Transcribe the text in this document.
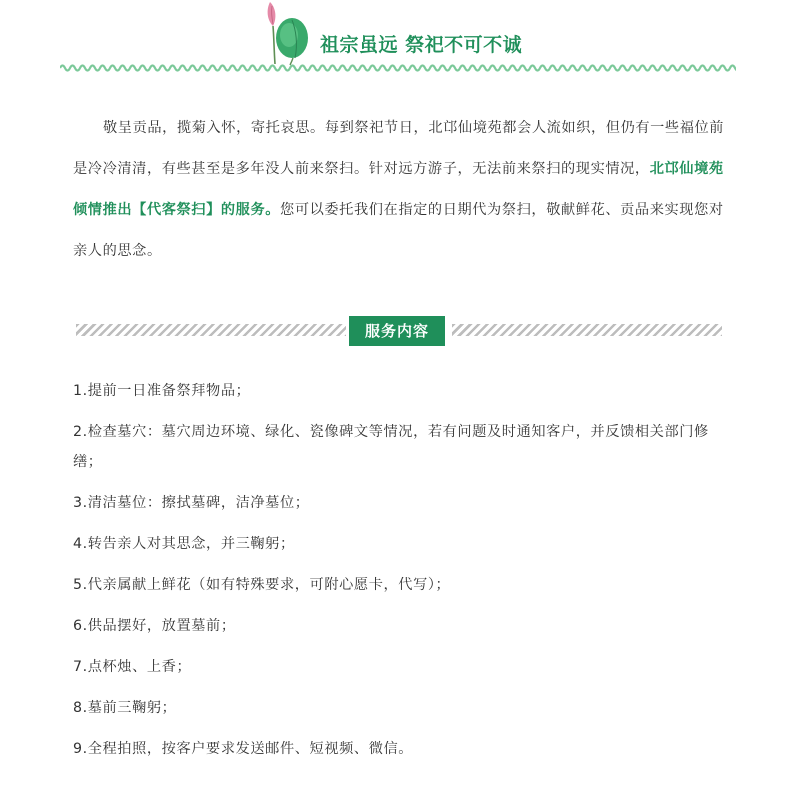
祖宗虽远 祭祀不可不诚

敬呈贡品，揽菊入怀，寄托哀思。每到祭祀节日，北邙仙境苑都会人流如织，但仍有一些福位前是冷冷清清，有些甚至是多年没人前来祭扫。针对远方游子，无法前来祭扫的现实情况，北邙仙境苑倾情推出【代客祭扫】的服务。您可以委托我们在指定的日期代为祭扫，敬献鲜花、贡品来实现您对亲人的思念。

服务内容
1.提前一日准备祭拜物品；
2.检查墓穴：墓穴周边环境、绿化、瓷像碑文等情况，若有问题及时通知客户，并反馈相关部门修缮；
3.清洁墓位：擦拭墓碑，洁净墓位；
4.转告亲人对其思念，并三鞠躬；
5.代亲属献上鲜花（如有特殊要求，可附心愿卡，代写）；
6.供品摆好，放置墓前；
7.点杯烛、上香；
8.墓前三鞠躬；
9.全程拍照，按客户要求发送邮件、短视频、微信。
